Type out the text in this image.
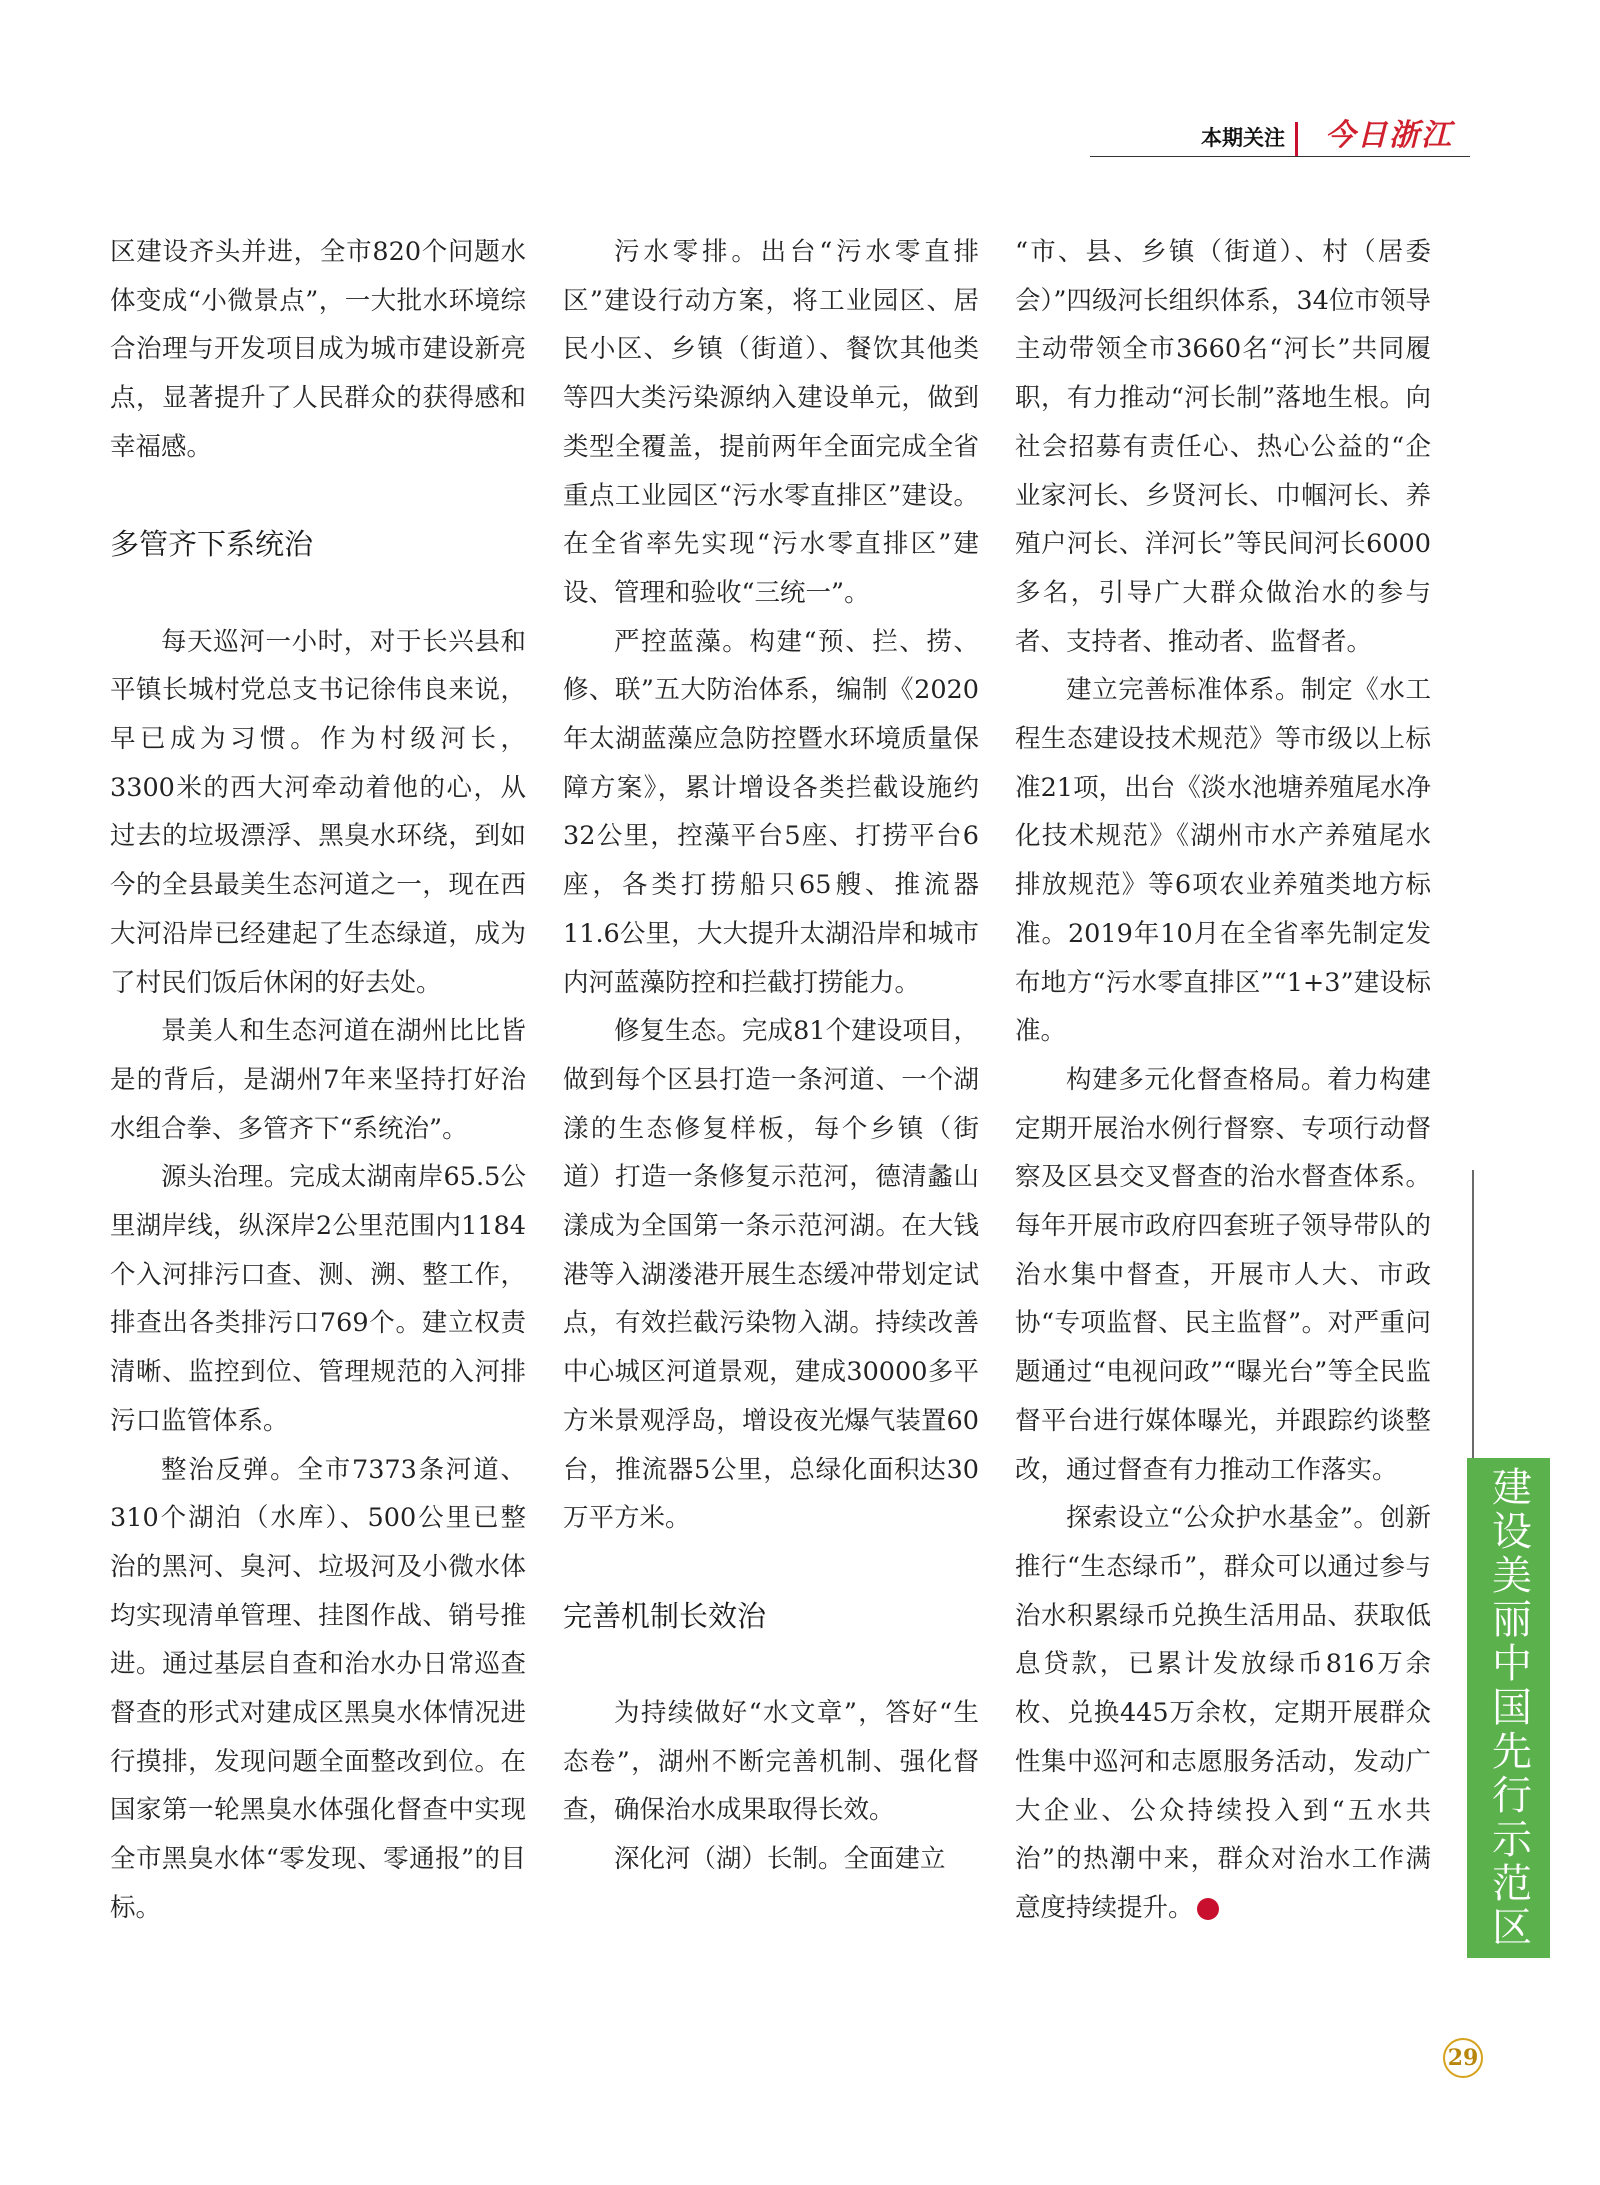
本期关注	今日浙江

区建设齐头并进，全市820个问题水体变成“小微景点”，一大批水环境综合治理与开发项目成为城市建设新亮点，显著提升了人民群众的获得感和幸福感。

多管齐下系统治

每天巡河一小时，对于长兴县和平镇长城村党总支书记徐伟良来说，早已成为习惯。作为村级河长，3300米的西大河牵动着他的心，从过去的垃圾漂浮、黑臭水环绕，到如今的全县最美生态河道之一，现在西大河沿岸已经建起了生态绿道，成为了村民们饭后休闲的好去处。

景美人和生态河道在湖州比比皆是的背后，是湖州7年来坚持打好治水组合拳、多管齐下“系统治”。

源头治理。完成太湖南岸65.5公里湖岸线，纵深岸2公里范围内1184个入河排污口查、测、溯、整工作，排查出各类排污口769个。建立权责清晰、监控到位、管理规范的入河排污口监管体系。

整治反弹。全市7373条河道、310个湖泊（水库）、500公里已整治的黑河、臭河、垃圾河及小微水体均实现清单管理、挂图作战、销号推进。通过基层自查和治水办日常巡查督查的形式对建成区黑臭水体情况进行摸排，发现问题全面整改到位。在国家第一轮黑臭水体强化督查中实现全市黑臭水体“零发现、零通报”的目标。

污水零排。出台“污水零直排区”建设行动方案，将工业园区、居民小区、乡镇（街道）、餐饮其他类等四大类污染源纳入建设单元，做到类型全覆盖，提前两年全面完成全省重点工业园区“污水零直排区”建设。在全省率先实现“污水零直排区”建设、管理和验收“三统一”。

严控蓝藻。构建“预、拦、捞、修、联”五大防治体系，编制《2020年太湖蓝藻应急防控暨水环境质量保障方案》，累计增设各类拦截设施约32公里，控藻平台5座、打捞平台6座，各类打捞船只65艘、推流器11.6公里，大大提升太湖沿岸和城市内河蓝藻防控和拦截打捞能力。

修复生态。完成81个建设项目，做到每个区县打造一条河道、一个湖漾的生态修复样板，每个乡镇（街道）打造一条修复示范河，德清蠡山漾成为全国第一条示范河湖。在大钱港等入湖溇港开展生态缓冲带划定试点，有效拦截污染物入湖。持续改善中心城区河道景观，建成30000多平方米景观浮岛，增设夜光爆气装置60台，推流器5公里，总绿化面积达30万平方米。

完善机制长效治

为持续做好“水文章”，答好“生态卷”，湖州不断完善机制、强化督查，确保治水成果取得长效。

深化河（湖）长制。全面建立

“市、县、乡镇（街道）、村（居委会）”四级河长组织体系，34位市领导主动带领全市3660名“河长”共同履职，有力推动“河长制”落地生根。向社会招募有责任心、热心公益的“企业家河长、乡贤河长、巾帼河长、养殖户河长、洋河长”等民间河长6000多名，引导广大群众做治水的参与者、支持者、推动者、监督者。

建立完善标准体系。制定《水工程生态建设技术规范》等市级以上标准21项，出台《淡水池塘养殖尾水净化技术规范》《湖州市水产养殖尾水排放规范》等6项农业养殖类地方标准。2019年10月在全省率先制定发布地方“污水零直排区”“1+3”建设标准。

构建多元化督查格局。着力构建定期开展治水例行督察、专项行动督察及区县交叉督查的治水督查体系。每年开展市政府四套班子领导带队的治水集中督查，开展市人大、市政协“专项监督、民主监督”。对严重问题通过“电视问政”“曝光台”等全民监督平台进行媒体曝光，并跟踪约谈整改，通过督查有力推动工作落实。

探索设立“公众护水基金”。创新推行“生态绿币”，群众可以通过参与治水积累绿币兑换生活用品、获取低息贷款，已累计发放绿币816万余枚、兑换445万余枚，定期开展群众性集中巡河和志愿服务活动，发动广大企业、公众持续投入到“五水共治”的热潮中来，群众对治水工作满意度持续提升。	建设美丽中国先行示范区
29
